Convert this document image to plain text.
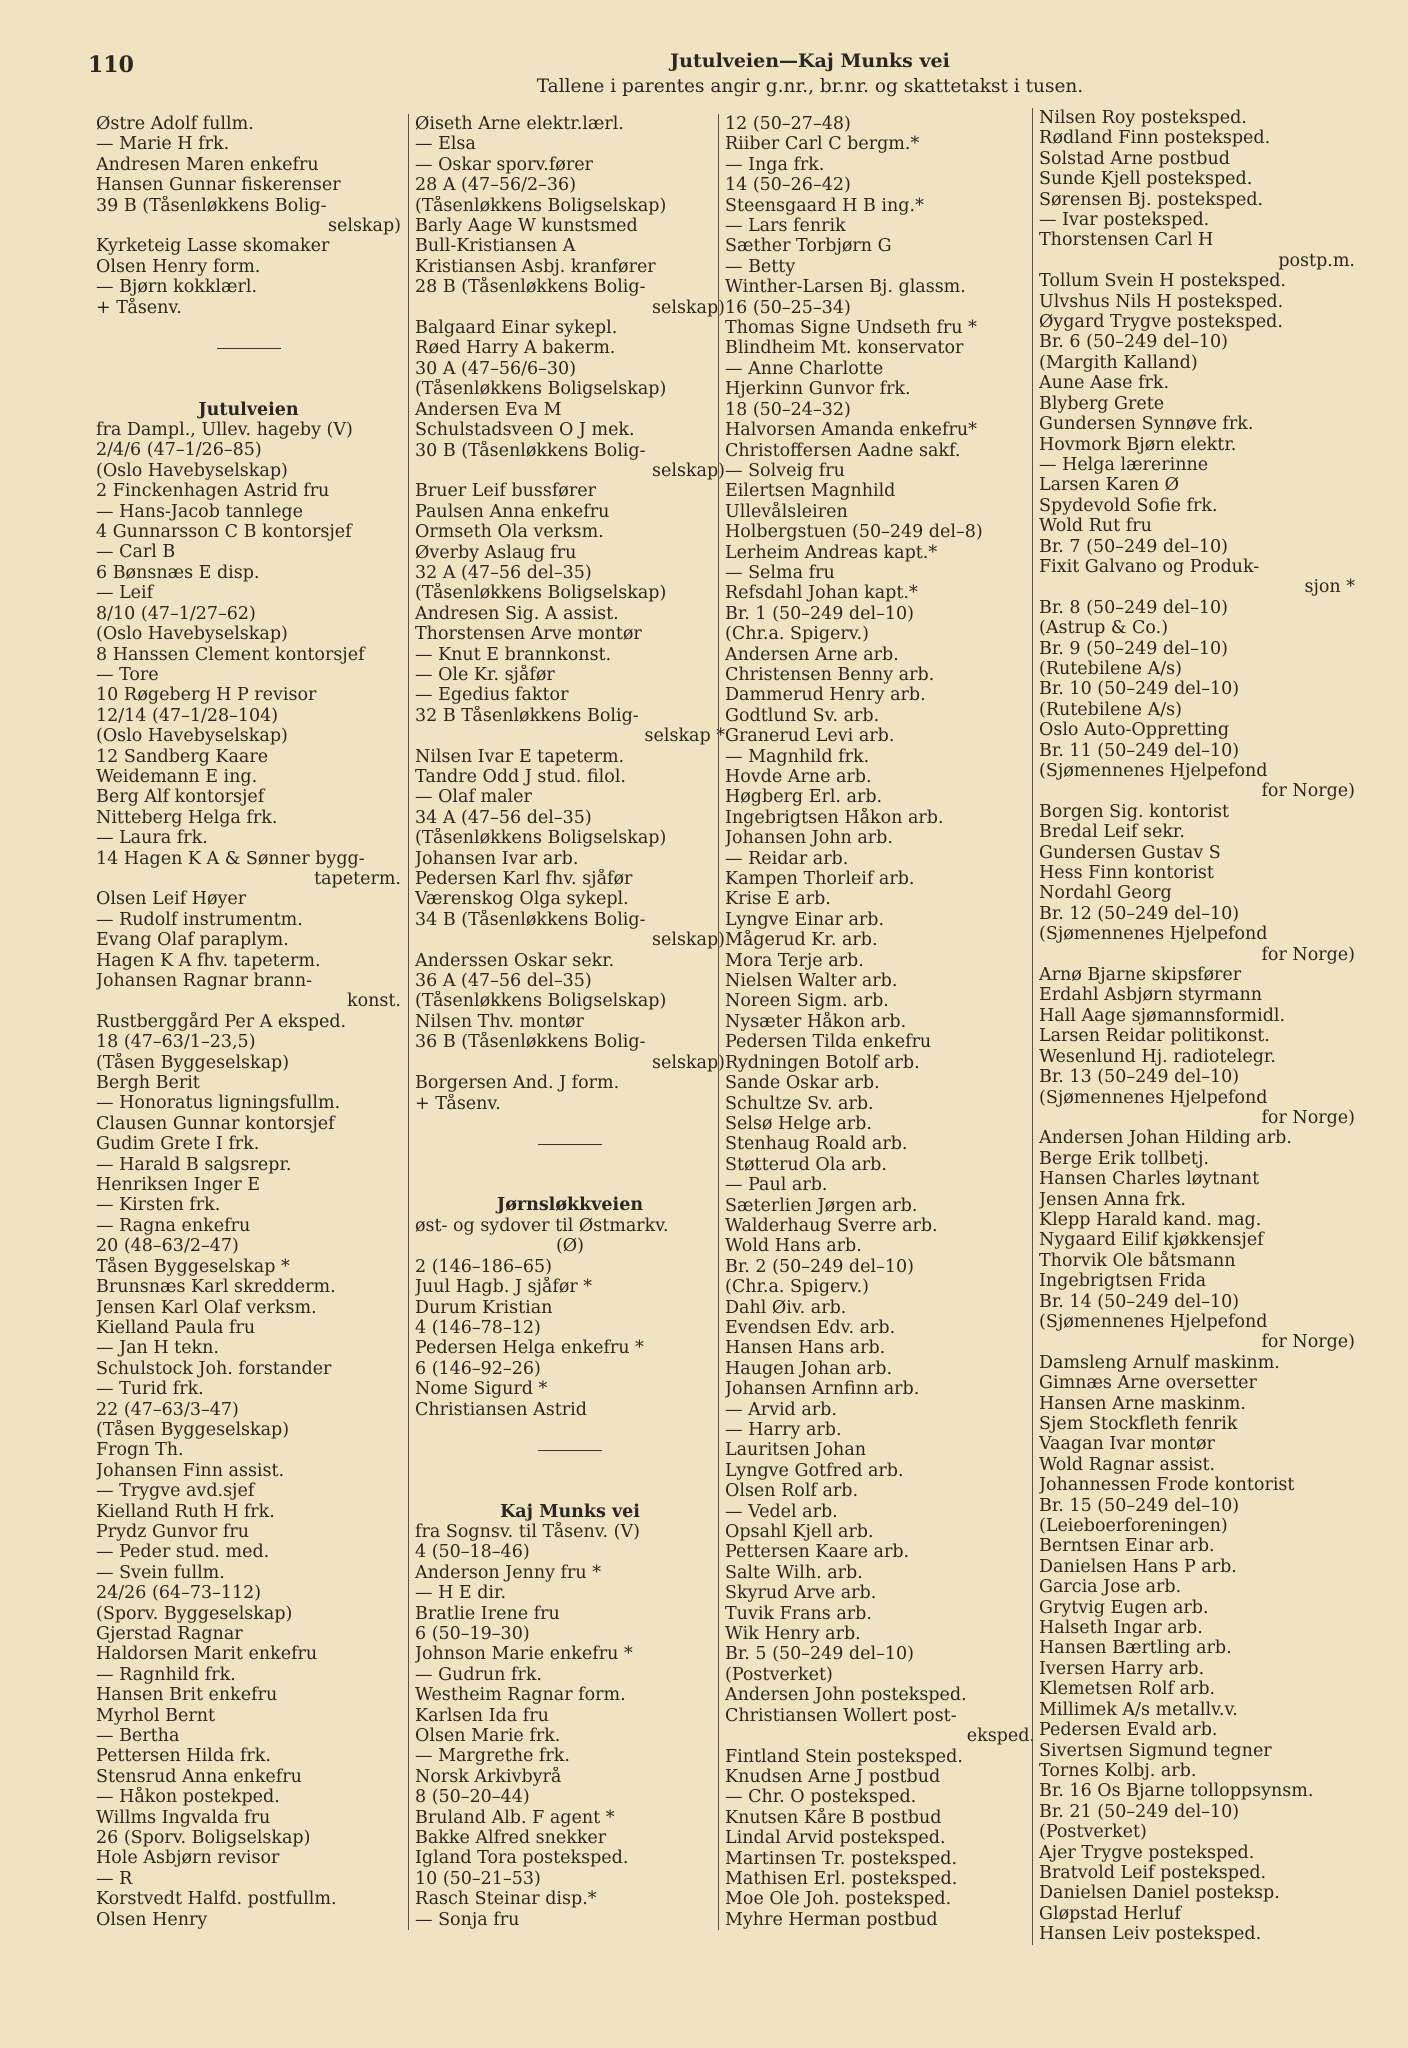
110	Jutulveien—Kaj Munks vei
Tallene i parentes angir g.nr., br.nr. og skattetakst i tusen.
Østre Adolf fullm.
— Marie H frk.
Andresen Maren enkefru
Hansen Gunnar fiskerenser
39 B (Tåsenløkkens Bolig-
selskap)
Kyrketeig Lasse skomaker
Olsen Henry form.
— Bjørn kokklærl.
+ Tåsenv.
Jutulveien
fra Dampl., Ullev. hageby (V)
2/4/6 (47–1/26–85)
(Oslo Havebyselskap)
2 Finckenhagen Astrid fru
— Hans-Jacob tannlege
4 Gunnarsson C B kontorsjef
— Carl B
6 Bønsnæs E disp.
— Leif
8/10 (47–1/27–62)
(Oslo Havebyselskap)
8 Hanssen Clement kontorsjef
— Tore
10 Røgeberg H P revisor
12/14 (47–1/28–104)
(Oslo Havebyselskap)
12 Sandberg Kaare
Weidemann E ing.
Berg Alf kontorsjef
Nitteberg Helga frk.
— Laura frk.
14 Hagen K A & Sønner bygg-
tapeterm.
Olsen Leif Høyer
— Rudolf instrumentm.
Evang Olaf paraplym.
Hagen K A fhv. tapeterm.
Johansen Ragnar brann-
konst.
Rustberggård Per A eksped.
18 (47–63/1–23,5)
(Tåsen Byggeselskap)
Bergh Berit
— Honoratus ligningsfullm.
Clausen Gunnar kontorsjef
Gudim Grete I frk.
— Harald B salgsrepr.
Henriksen Inger E
— Kirsten frk.
— Ragna enkefru
20 (48–63/2–47)
Tåsen Byggeselskap *
Brunsnæs Karl skredderm.
Jensen Karl Olaf verksm.
Kielland Paula fru
— Jan H tekn.
Schulstock Joh. forstander
— Turid frk.
22 (47–63/3–47)
(Tåsen Byggeselskap)
Frogn Th.
Johansen Finn assist.
— Trygve avd.sjef
Kielland Ruth H frk.
Prydz Gunvor fru
— Peder stud. med.
— Svein fullm.
24/26 (64–73–112)
(Sporv. Byggeselskap)
Gjerstad Ragnar
Haldorsen Marit enkefru
— Ragnhild frk.
Hansen Brit enkefru
Myrhol Bernt
— Bertha
Pettersen Hilda frk.
Stensrud Anna enkefru
— Håkon postekped.
Willms Ingvalda fru
26 (Sporv. Boligselskap)
Hole Asbjørn revisor
— R
Korstvedt Halfd. postfullm.
Olsen Henry
Øiseth Arne elektr.lærl.
— Elsa
— Oskar sporv.fører
28 A (47–56/2–36)
(Tåsenløkkens Boligselskap)
Barly Aage W kunstsmed
Bull-Kristiansen A
Kristiansen Asbj. kranfører
28 B (Tåsenløkkens Bolig-
selskap)
Balgaard Einar sykepl.
Røed Harry A bakerm.
30 A (47–56/6–30)
(Tåsenløkkens Boligselskap)
Andersen Eva M
Schulstadsveen O J mek.
30 B (Tåsenløkkens Bolig-
selskap)
Bruer Leif bussfører
Paulsen Anna enkefru
Ormseth Ola verksm.
Øverby Aslaug fru
32 A (47–56 del–35)
(Tåsenløkkens Boligselskap)
Andresen Sig. A assist.
Thorstensen Arve montør
— Knut E brannkonst.
— Ole Kr. sjåfør
— Egedius faktor
32 B Tåsenløkkens Bolig-
selskap *
Nilsen Ivar E tapeterm.
Tandre Odd J stud. filol.
— Olaf maler
34 A (47–56 del–35)
(Tåsenløkkens Boligselskap)
Johansen Ivar arb.
Pedersen Karl fhv. sjåfør
Værenskog Olga sykepl.
34 B (Tåsenløkkens Bolig-
selskap)
Anderssen Oskar sekr.
36 A (47–56 del–35)
(Tåsenløkkens Boligselskap)
Nilsen Thv. montør
36 B (Tåsenløkkens Bolig-
selskap)
Borgersen And. J form.
+ Tåsenv.
Jørnsløkkveien
øst- og sydover til Østmarkv.
(Ø)
2 (146–186–65)
Juul Hagb. J sjåfør *
Durum Kristian
4 (146–78–12)
Pedersen Helga enkefru *
6 (146–92–26)
Nome Sigurd *
Christiansen Astrid
Kaj Munks vei
fra Sognsv. til Tåsenv. (V)
4 (50–18–46)
Anderson Jenny fru *
— H E dir.
Bratlie Irene fru
6 (50–19–30)
Johnson Marie enkefru *
— Gudrun frk.
Westheim Ragnar form.
Karlsen Ida fru
Olsen Marie frk.
— Margrethe frk.
Norsk Arkivbyrå
8 (50–20–44)
Bruland Alb. F agent *
Bakke Alfred snekker
Igland Tora posteksped.
10 (50–21–53)
Rasch Steinar disp.*
— Sonja fru
12 (50–27–48)
Riiber Carl C bergm.*
— Inga frk.
14 (50–26–42)
Steensgaard H B ing.*
— Lars fenrik
Sæther Torbjørn G
— Betty
Winther-Larsen Bj. glassm.
16 (50–25–34)
Thomas Signe Undseth fru *
Blindheim Mt. konservator
— Anne Charlotte
Hjerkinn Gunvor frk.
18 (50–24–32)
Halvorsen Amanda enkefru*
Christoffersen Aadne sakf.
— Solveig fru
Eilertsen Magnhild
Ullevålsleiren
Holbergstuen (50–249 del–8)
Lerheim Andreas kapt.*
— Selma fru
Refsdahl Johan kapt.*
Br. 1 (50–249 del–10)
(Chr.a. Spigerv.)
Andersen Arne arb.
Christensen Benny arb.
Dammerud Henry arb.
Godtlund Sv. arb.
Granerud Levi arb.
— Magnhild frk.
Hovde Arne arb.
Høgberg Erl. arb.
Ingebrigtsen Håkon arb.
Johansen John arb.
— Reidar arb.
Kampen Thorleif arb.
Krise E arb.
Lyngve Einar arb.
Mågerud Kr. arb.
Mora Terje arb.
Nielsen Walter arb.
Noreen Sigm. arb.
Nysæter Håkon arb.
Pedersen Tilda enkefru
Rydningen Botolf arb.
Sande Oskar arb.
Schultze Sv. arb.
Selsø Helge arb.
Stenhaug Roald arb.
Støtterud Ola arb.
— Paul arb.
Sæterlien Jørgen arb.
Walderhaug Sverre arb.
Wold Hans arb.
Br. 2 (50–249 del–10)
(Chr.a. Spigerv.)
Dahl Øiv. arb.
Evendsen Edv. arb.
Hansen Hans arb.
Haugen Johan arb.
Johansen Arnfinn arb.
— Arvid arb.
— Harry arb.
Lauritsen Johan
Lyngve Gotfred arb.
Olsen Rolf arb.
— Vedel arb.
Opsahl Kjell arb.
Pettersen Kaare arb.
Salte Wilh. arb.
Skyrud Arve arb.
Tuvik Frans arb.
Wik Henry arb.
Br. 5 (50–249 del–10)
(Postverket)
Andersen John posteksped.
Christiansen Wollert post-
eksped.
Fintland Stein posteksped.
Knudsen Arne J postbud
— Chr. O posteksped.
Knutsen Kåre B postbud
Lindal Arvid posteksped.
Martinsen Tr. posteksped.
Mathisen Erl. posteksped.
Moe Ole Joh. posteksped.
Myhre Herman postbud
Nilsen Roy posteksped.
Rødland Finn posteksped.
Solstad Arne postbud
Sunde Kjell posteksped.
Sørensen Bj. posteksped.
— Ivar posteksped.
Thorstensen Carl H
postp.m.
Tollum Svein H posteksped.
Ulvshus Nils H posteksped.
Øygard Trygve posteksped.
Br. 6 (50–249 del–10)
(Margith Kalland)
Aune Aase frk.
Blyberg Grete
Gundersen Synnøve frk.
Hovmork Bjørn elektr.
— Helga lærerinne
Larsen Karen Ø
Spydevold Sofie frk.
Wold Rut fru
Br. 7 (50–249 del–10)
Fixit Galvano og Produk-
sjon *
Br. 8 (50–249 del–10)
(Astrup & Co.)
Br. 9 (50–249 del–10)
(Rutebilene A/s)
Br. 10 (50–249 del–10)
(Rutebilene A/s)
Oslo Auto-Oppretting
Br. 11 (50–249 del–10)
(Sjømennenes Hjelpefond
for Norge)
Borgen Sig. kontorist
Bredal Leif sekr.
Gundersen Gustav S
Hess Finn kontorist
Nordahl Georg
Br. 12 (50–249 del–10)
(Sjømennenes Hjelpefond
for Norge)
Arnø Bjarne skipsfører
Erdahl Asbjørn styrmann
Hall Aage sjømannsformidl.
Larsen Reidar politikonst.
Wesenlund Hj. radiotelegr.
Br. 13 (50–249 del–10)
(Sjømennenes Hjelpefond
for Norge)
Andersen Johan Hilding arb.
Berge Erik tollbetj.
Hansen Charles løytnant
Jensen Anna frk.
Klepp Harald kand. mag.
Nygaard Eilif kjøkkensjef
Thorvik Ole båtsmann
Ingebrigtsen Frida
Br. 14 (50–249 del–10)
(Sjømennenes Hjelpefond
for Norge)
Damsleng Arnulf maskinm.
Gimnæs Arne oversetter
Hansen Arne maskinm.
Sjem Stockfleth fenrik
Vaagan Ivar montør
Wold Ragnar assist.
Johannessen Frode kontorist
Br. 15 (50–249 del–10)
(Leieboerforeningen)
Berntsen Einar arb.
Danielsen Hans P arb.
Garcia Jose arb.
Grytvig Eugen arb.
Halseth Ingar arb.
Hansen Bærtling arb.
Iversen Harry arb.
Klemetsen Rolf arb.
Millimek A/s metallv.v.
Pedersen Evald arb.
Sivertsen Sigmund tegner
Tornes Kolbj. arb.
Br. 16 Os Bjarne tolloppsynsm.
Br. 21 (50–249 del–10)
(Postverket)
Ajer Trygve posteksped.
Bratvold Leif posteksped.
Danielsen Daniel posteksp.
Gløpstad Herluf
Hansen Leiv posteksped.
